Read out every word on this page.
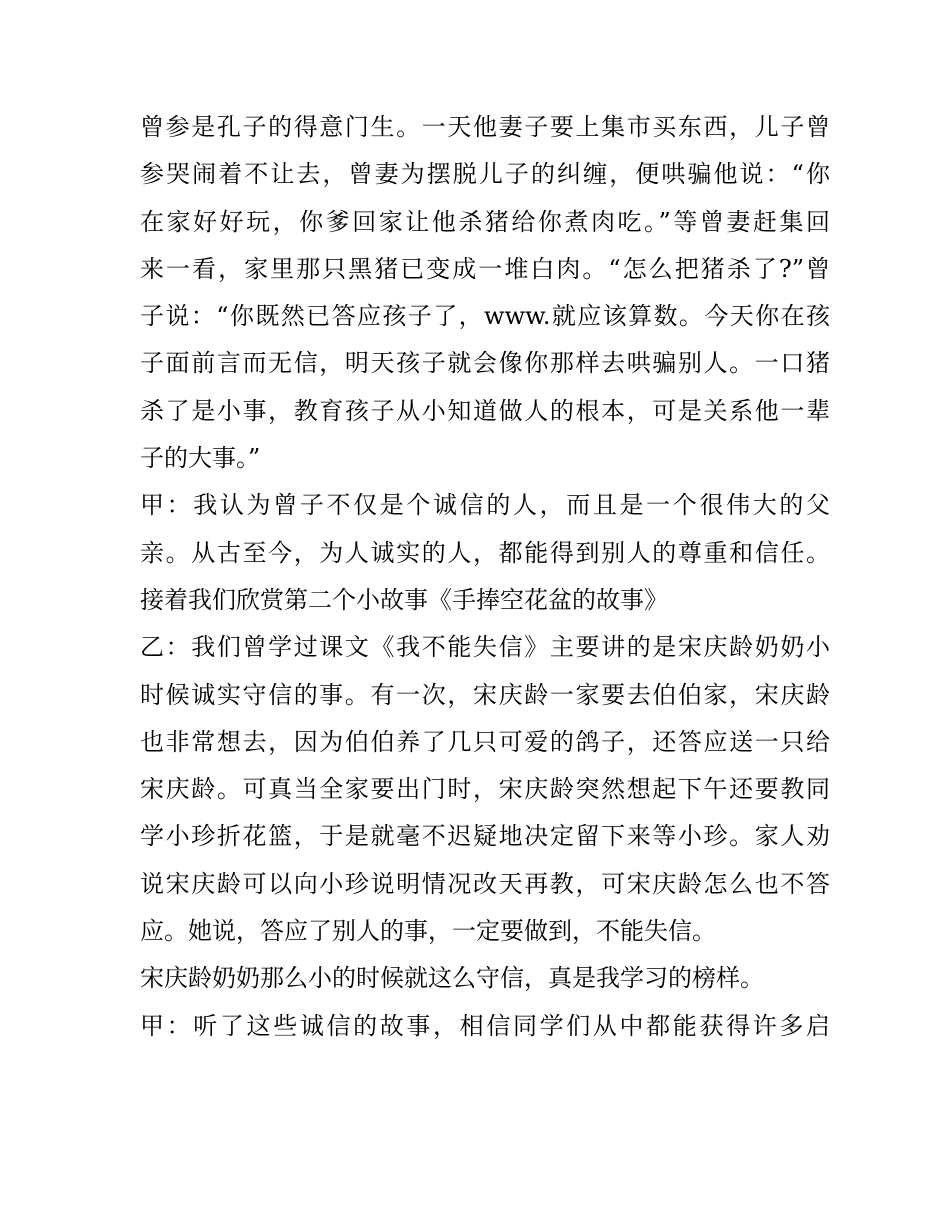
曾参是孔子的得意门生。一天他妻子要上集市买东西，儿子曾
参哭闹着不让去，曾妻为摆脱儿子的纠缠，便哄骗他说：“你
在家好好玩，你爹回家让他杀猪给你煮肉吃。”等曾妻赶集回
来一看，家里那只黑猪已变成一堆白肉。“怎么把猪杀了?”曾
子说：“你既然已答应孩子了，www.就应该算数。今天你在孩
子面前言而无信，明天孩子就会像你那样去哄骗别人。一口猪
杀了是小事，教育孩子从小知道做人的根本，可是关系他一辈
子的大事。”
甲：我认为曾子不仅是个诚信的人，而且是一个很伟大的父
亲。从古至今，为人诚实的人，都能得到别人的尊重和信任。
接着我们欣赏第二个小故事《手捧空花盆的故事》
乙：我们曾学过课文《我不能失信》主要讲的是宋庆龄奶奶小
时候诚实守信的事。有一次，宋庆龄一家要去伯伯家，宋庆龄
也非常想去，因为伯伯养了几只可爱的鸽子，还答应送一只给
宋庆龄。可真当全家要出门时，宋庆龄突然想起下午还要教同
学小珍折花篮，于是就毫不迟疑地决定留下来等小珍。家人劝
说宋庆龄可以向小珍说明情况改天再教，可宋庆龄怎么也不答
应。她说，答应了别人的事，一定要做到，不能失信。
宋庆龄奶奶那么小的时候就这么守信，真是我学习的榜样。
甲：听了这些诚信的故事，相信同学们从中都能获得许多启
